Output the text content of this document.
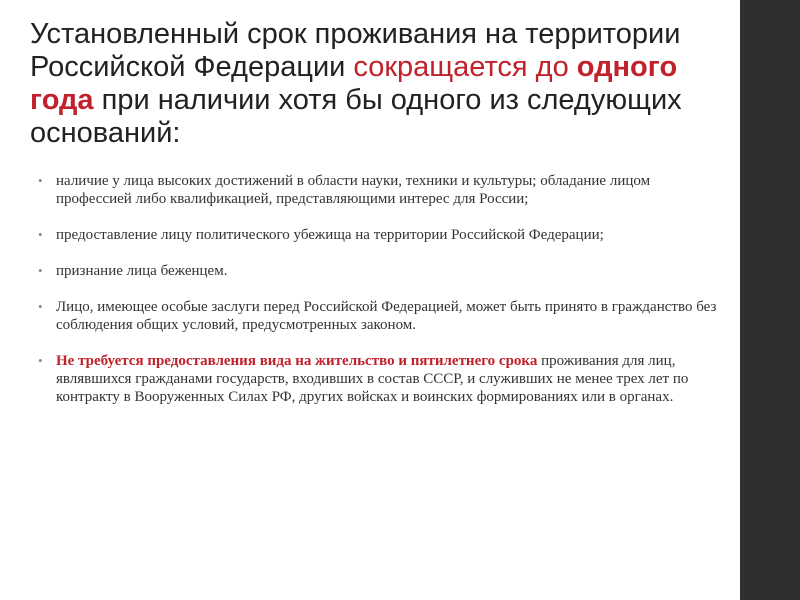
Установленный срок проживания на территории Российской Федерации сокращается до одного года при наличии хотя бы одного из следующих оснований:
• наличие у лица высоких достижений в области науки, техники и культуры; обладание лицом профессией либо квалификацией, представляющими интерес для России;
• предоставление лицу политического убежища на территории Российской Федерации;
• признание лица беженцем.
• Лицо, имеющее особые заслуги перед Российской Федерацией, может быть принято в гражданство без соблюдения общих условий, предусмотренных законом.
• Не требуется предоставления вида на жительство и пятилетнего срока проживания для лиц, являвшихся гражданами государств, входивших в состав СССР, и служивших не менее трех лет по контракту в Вооруженных Силах РФ, других войсках и воинских формированиях или в органах.
